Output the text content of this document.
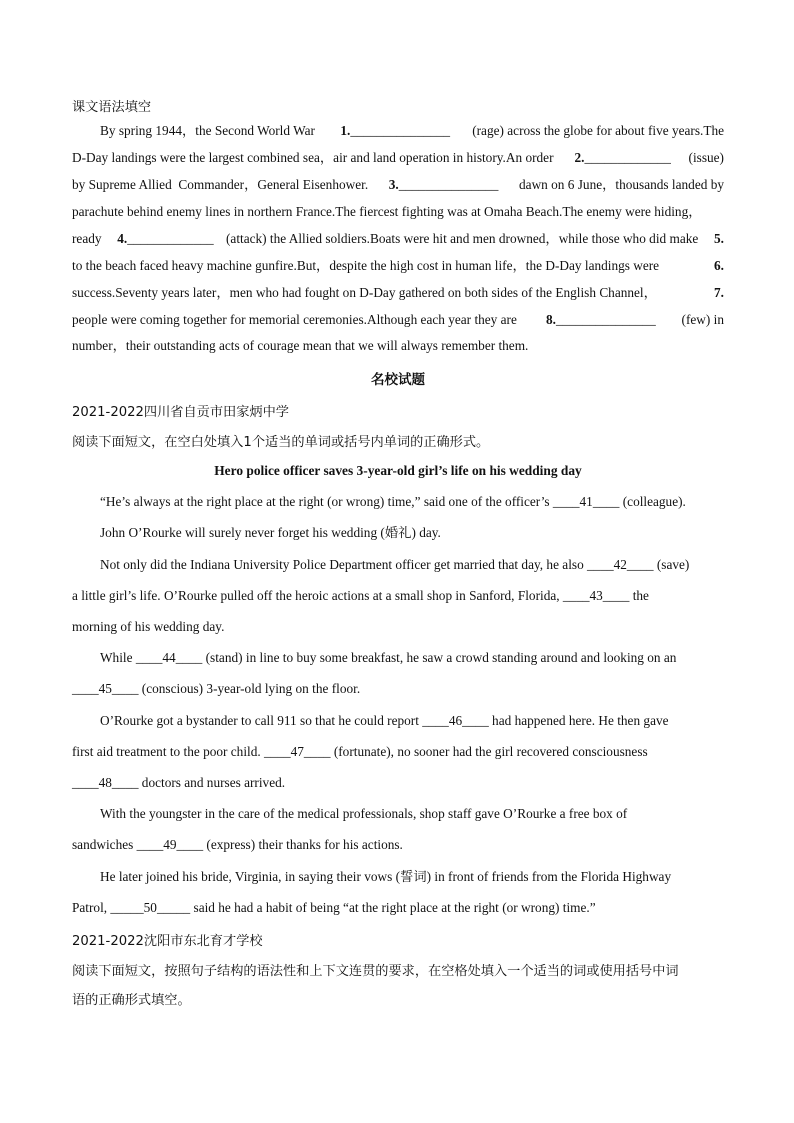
课文语法填空
By spring 1944，the Second World War 1._______________ (rage) across the globe for about five years.The
D-Day landings were the largest combined sea，air and land operation in history.An order 2._____________ (issue)
by Supreme Allied  Commander，General Eisenhower. 3._______________ dawn on 6 June，thousands landed by
parachute behind enemy lines in northern France.The fiercest fighting was at Omaha Beach.The enemy were hiding，
ready 4._____________ (attack) the Allied soldiers.Boats were hit and men drowned，while those who did make 5.
to the beach faced heavy machine gunfire.But，despite the high cost in human life，the D-Day landings were	6.
success.Seventy years later，men who had fought on D-Day gathered on both sides of the English Channel，	7.
people were coming together for memorial ceremonies.Although each year they are 8._______________ (few) in
number，their outstanding acts of courage mean that we will always remember them.
名校试题
2021-2022四川省自贡市田家炳中学
阅读下面短文，在空白处填入1个适当的单词或括号内单词的正确形式。
Hero police officer saves 3-year-old girl’s life on his wedding day
“He’s always at the right place at the right (or wrong) time,” said one of the officer’s ____41____ (colleague).
John O’Rourke will surely never forget his wedding (婚礼) day.
Not only did the Indiana University Police Department officer get married that day, he also ____42____ (save)
a little girl’s life. O’Rourke pulled off the heroic actions at a small shop in Sanford, Florida, ____43____ the
morning of his wedding day.
While ____44____ (stand) in line to buy some breakfast, he saw a crowd standing around and looking on an
____45____ (conscious) 3-year-old lying on the floor.
O’Rourke got a bystander to call 911 so that he could report ____46____ had happened here. He then gave
first aid treatment to the poor child. ____47____ (fortunate), no sooner had the girl recovered consciousness
____48____ doctors and nurses arrived.
With the youngster in the care of the medical professionals, shop staff gave O’Rourke a free box of
sandwiches ____49____ (express) their thanks for his actions.
He later joined his bride, Virginia, in saying their vows (誓词) in front of friends from the Florida Highway
Patrol, _____50_____ said he had a habit of being “at the right place at the right (or wrong) time.”
2021-2022沈阳市东北育才学校
阅读下面短文，按照句子结构的语法性和上下文连贯的要求，在空格处填入一个适当的词或使用括号中词
语的正确形式填空。
